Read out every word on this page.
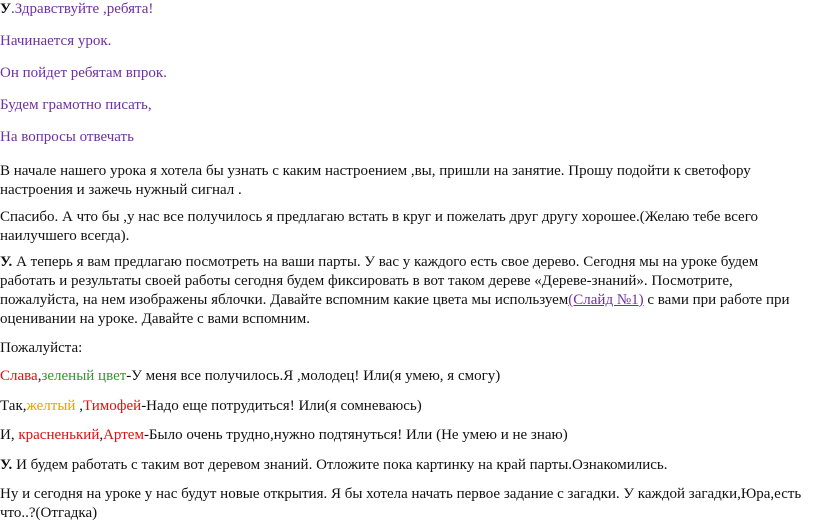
У.Здравствуйте ,ребята!

Начинается урок.

Он пойдет ребятам впрок.

Будем грамотно писать,

На вопросы отвечать

В начале нашего урока я хотела бы узнать с каким настроением ,вы, пришли на занятие. Прошу подойти к светофору настроения и зажечь нужный сигнал .

Спасибо. А что бы ,у нас все получилось я предлагаю встать в круг и пожелать друг другу хорошее.(Желаю тебе всего наилучшего всегда).

У. А теперь я вам предлагаю посмотреть на ваши парты. У вас у каждого есть свое дерево. Сегодня мы на уроке будем работать и результаты своей работы сегодня будем фиксировать в вот таком дереве «Дереве-знаний». Посмотрите, пожалуйста, на нем изображены яблочки. Давайте вспомним какие цвета мы используем(Слайд №1) с вами при работе при оценивании на уроке. Давайте с вами вспомним.

Пожалуйста:

Слава,зеленый цвет-У меня все получилось.Я ,молодец! Или(я умею, я смогу)

Так,желтый ,Тимофей-Надо еще потрудиться! Или(я сомневаюсь)

И, красненький,Артем-Было очень трудно,нужно подтянуться! Или (Не умею и не знаю)

У. И будем работать с таким вот деревом знаний. Отложите пока картинку на край парты.Ознакомились.

Ну и сегодня на уроке у нас будут новые открытия. Я бы хотела начать первое задание с загадки. У каждой загадки,Юра,есть что..?(Отгадка)
